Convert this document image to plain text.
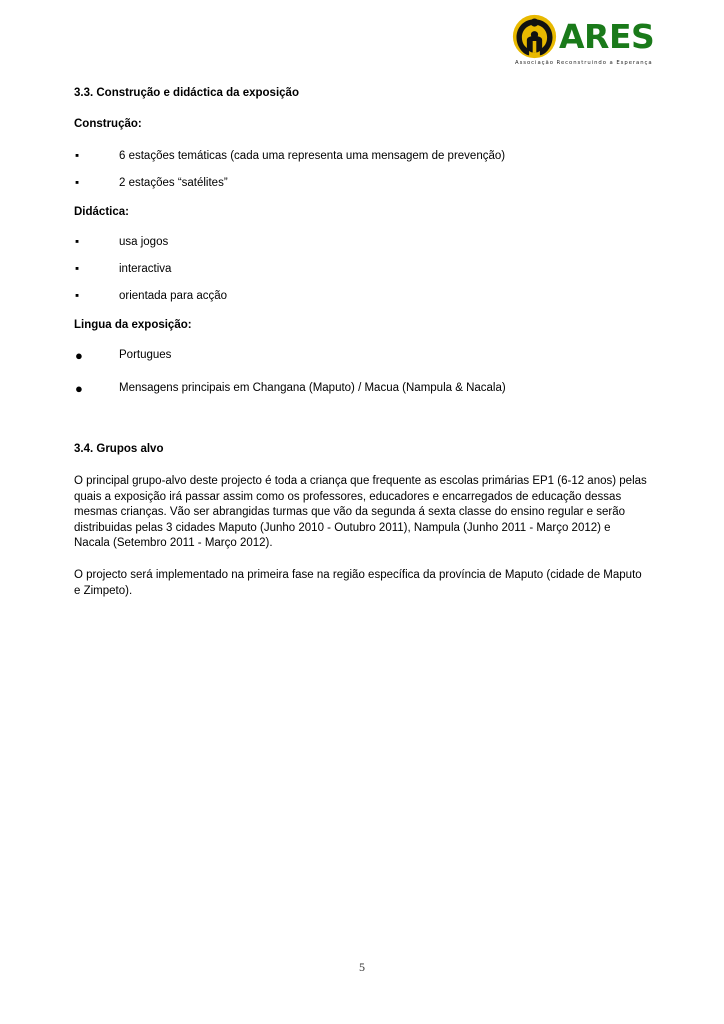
ARES
Associação Reconstruindo a Esperança

3.3. Construção e didáctica da exposição

Construção:

▪	6 estações temáticas (cada uma representa uma mensagem de prevenção)
▪	2 estações “satélites”

Didáctica:

▪	usa jogos
▪	interactiva
▪	orientada para acção

Lingua da exposição:

●	Portugues
●	Mensagens principais em Changana (Maputo) / Macua (Nampula & Nacala)

3.4. Grupos alvo

O principal grupo-alvo deste projecto é toda a criança que frequente as escolas primárias EP1 (6-12 anos) pelas quais a exposição irá passar assim como os professores, educadores e encarregados de educação dessas mesmas crianças. Vão ser abrangidas turmas que vão da segunda á sexta classe do ensino regular e serão distribuidas pelas 3 cidades Maputo (Junho 2010 - Outubro 2011), Nampula (Junho 2011 - Março 2012) e Nacala (Setembro 2011 - Março 2012).

O projecto será implementado na primeira fase na região específica da província de Maputo (cidade de Maputo e Zimpeto).

5
